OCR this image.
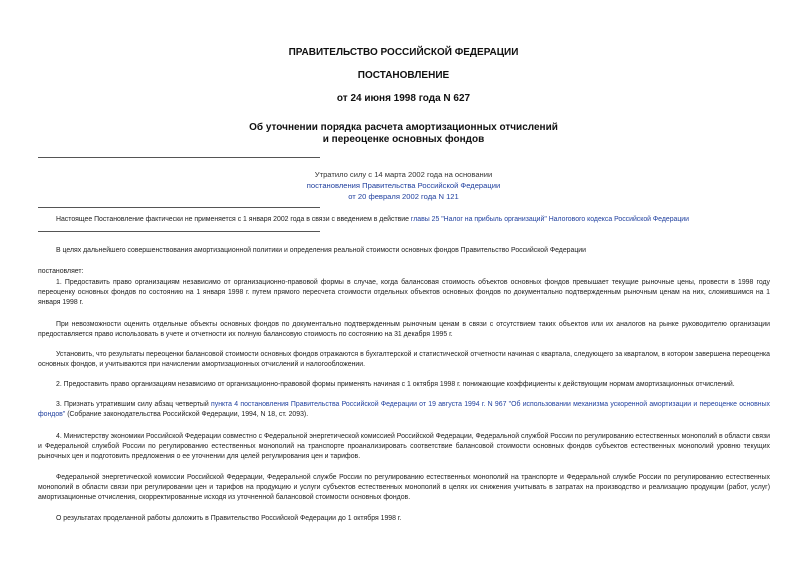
ПРАВИТЕЛЬСТВО РОССИЙСКОЙ ФЕДЕРАЦИИ
ПОСТАНОВЛЕНИЕ
от 24 июня 1998 года N 627
Об уточнении порядка расчета амортизационных отчислений
и переоценке основных фондов
Утратило силу с 14 марта 2002 года на основании
постановления Правительства Российской Федерации
от 20 февраля 2002 года N 121
Настоящее Постановление фактически не применяется с 1 января 2002 года в связи с введением в действие главы 25 "Налог на прибыль организаций" Налогового кодекса Российской Федерации
В целях дальнейшего совершенствования амортизационной политики и определения реальной стоимости основных фондов Правительство Российской Федерации
постановляет:
1. Предоставить право организациям независимо от организационно-правовой формы в случае, когда балансовая стоимость объектов основных фондов превышает текущие рыночные цены, провести в 1998 году переоценку основных фондов по состоянию на 1 января 1998 г. путем прямого пересчета стоимости отдельных объектов основных фондов по документально подтвержденным рыночным ценам на них, сложившимся на 1 января 1998 г.
При невозможности оценить отдельные объекты основных фондов по документально подтвержденным рыночным ценам в связи с отсутствием таких объектов или их аналогов на рынке руководителю организации предоставляется право использовать в учете и отчетности их полную балансовую стоимость по состоянию на 31 декабря 1995 г.
Установить, что результаты переоценки балансовой стоимости основных фондов отражаются в бухгалтерской и статистической отчетности начиная с квартала, следующего за кварталом, в котором завершена переоценка основных фондов, и учитываются при начислении амортизационных отчислений и налогообложении.
2. Предоставить право организациям независимо от организационно-правовой формы применять начиная с 1 октября 1998 г. понижающие коэффициенты к действующим нормам амортизационных отчислений.
3. Признать утратившим силу абзац четвертый пункта 4 постановления Правительства Российской Федерации от 19 августа 1994 г. N 967 "Об использовании механизма ускоренной амортизации и переоценке основных фондов" (Собрание законодательства Российской Федерации, 1994, N 18, ст. 2093).
4. Министерству экономики Российской Федерации совместно с Федеральной энергетической комиссией Российской Федерации, Федеральной службой России по регулированию естественных монополий в области связи и Федеральной службой России по регулированию естественных монополий на транспорте проанализировать соответствие балансовой стоимости основных фондов субъектов естественных монополий уровню текущих рыночных цен и подготовить предложения о ее уточнении для целей регулирования цен и тарифов.
Федеральной энергетической комиссии Российской Федерации, Федеральной службе России по регулированию естественных монополий на транспорте и Федеральной службе России по регулированию естественных монополий в области связи при регулировании цен и тарифов на продукцию и услуги субъектов естественных монополий в целях их снижения учитывать в затратах на производство и реализацию продукции (работ, услуг) амортизационные отчисления, скорректированные исходя из уточненной балансовой стоимости основных фондов.
О результатах проделанной работы доложить в Правительство Российской Федерации до 1 октября 1998 г.
